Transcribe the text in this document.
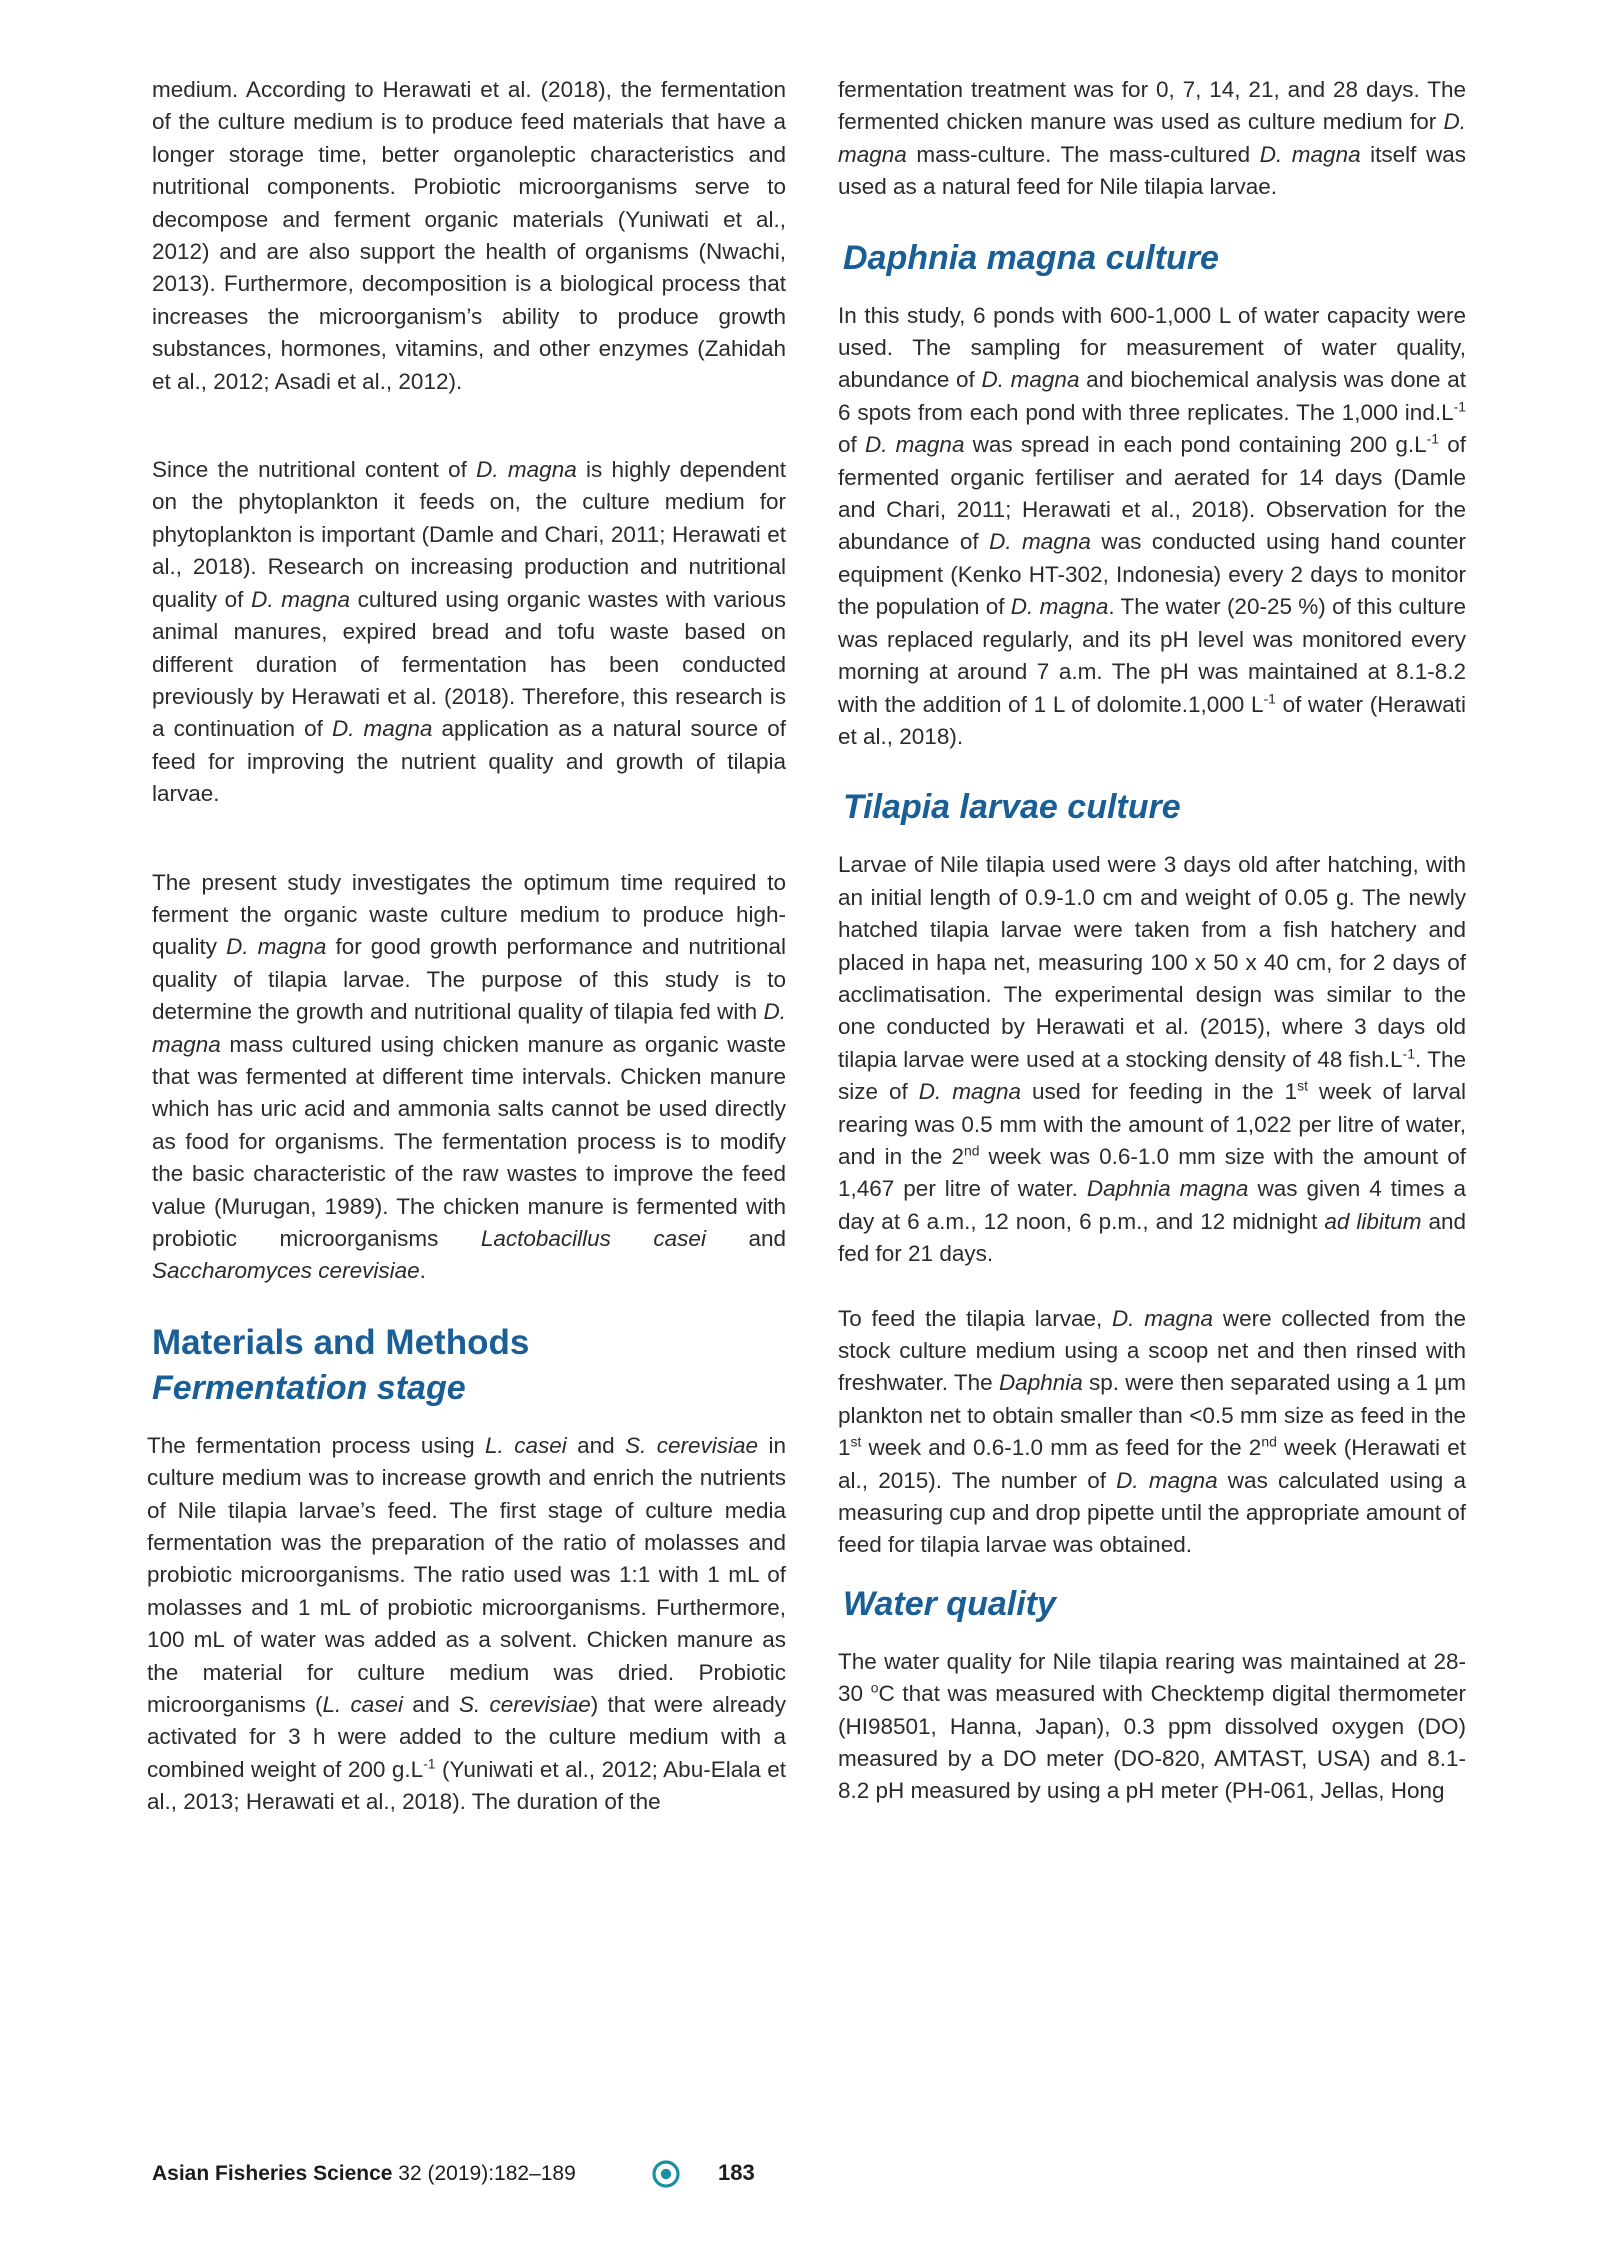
medium. According to Herawati et al. (2018), the fermentation of the culture medium is to produce feed materials that have a longer storage time, better organoleptic characteristics and nutritional components. Probiotic microorganisms serve to decompose and ferment organic materials (Yuniwati et al., 2012) and are also support the health of organisms (Nwachi, 2013). Furthermore, decomposition is a biological process that increases the microorganism’s ability to produce growth substances, hormones, vitamins, and other enzymes (Zahidah et al., 2012; Asadi et al., 2012).

Since the nutritional content of D. magna is highly dependent on the phytoplankton it feeds on, the culture medium for phytoplankton is important (Damle and Chari, 2011; Herawati et al., 2018). Research on increasing production and nutritional quality of D. magna cultured using organic wastes with various animal manures, expired bread and tofu waste based on different duration of fermentation has been conducted previously by Herawati et al. (2018). Therefore, this research is a continuation of D. magna application as a natural source of feed for improving the nutrient quality and growth of tilapia larvae.

The present study investigates the optimum time required to ferment the organic waste culture medium to produce high-quality D. magna for good growth performance and nutritional quality of tilapia larvae. The purpose of this study is to determine the growth and nutritional quality of tilapia fed with D. magna mass cultured using chicken manure as organic waste that was fermented at different time intervals. Chicken manure which has uric acid and ammonia salts cannot be used directly as food for organisms. The fermentation process is to modify the basic characteristic of the raw wastes to improve the feed value (Murugan, 1989). The chicken manure is fermented with probiotic microorganisms Lactobacillus casei and Saccharomyces cerevisiae.

Materials and Methods
Fermentation stage

The fermentation process using L. casei and S. cerevisiae in culture medium was to increase growth and enrich the nutrients of Nile tilapia larvae’s feed. The first stage of culture media fermentation was the preparation of the ratio of molasses and probiotic microorganisms. The ratio used was 1:1 with 1 mL of molasses and 1 mL of probiotic microorganisms. Furthermore, 100 mL of water was added as a solvent. Chicken manure as the material for culture medium was dried. Probiotic microorganisms (L. casei and S. cerevisiae) that were already activated for 3 h were added to the culture medium with a combined weight of 200 $g.L^{-1}$ (Yuniwati et al., 2012; Abu-Elala et al., 2013; Herawati et al., 2018). The duration of the

fermentation treatment was for 0, 7, 14, 21, and 28 days. The fermented chicken manure was used as culture medium for D. magna mass-culture. The mass-cultured D. magna itself was used as a natural feed for Nile tilapia larvae.

Daphnia magna culture

In this study, 6 ponds with 600-1,000 L of water capacity were used. The sampling for measurement of water quality, abundance of D. magna and biochemical analysis was done at 6 spots from each pond with three replicates. The 1,000 $ind.L^{-1}$ of D. magna was spread in each pond containing 200 $g.L^{-1}$ of fermented organic fertiliser and aerated for 14 days (Damle and Chari, 2011; Herawati et al., 2018). Observation for the abundance of D. magna was conducted using hand counter equipment (Kenko HT-302, Indonesia) every 2 days to monitor the population of D. magna. The water (20-25 %) of this culture was replaced regularly, and its pH level was monitored every morning at around 7 a.m. The pH was maintained at 8.1-8.2 with the addition of 1 L of dolomite.1,000 $L^{-1}$ of water (Herawati et al., 2018).

Tilapia larvae culture

Larvae of Nile tilapia used were 3 days old after hatching, with an initial length of 0.9-1.0 cm and weight of 0.05 g. The newly hatched tilapia larvae were taken from a fish hatchery and placed in hapa net, measuring 100 x 50 x 40 cm, for 2 days of acclimatisation. The experimental design was similar to the one conducted by Herawati et al. (2015), where 3 days old tilapia larvae were used at a stocking density of 48 $fish.L^{-1}$. The size of D. magna used for feeding in the 1st week of larval rearing was 0.5 mm with the amount of 1,022 per litre of water, and in the 2nd week was 0.6-1.0 mm size with the amount of 1,467 per litre of water. Daphnia magna was given 4 times a day at 6 a.m., 12 noon, 6 p.m., and 12 midnight ad libitum and fed for 21 days.

To feed the tilapia larvae, D. magna were collected from the stock culture medium using a scoop net and then rinsed with freshwater. The Daphnia sp. were then separated using a 1 µm plankton net to obtain smaller than <0.5 mm size as feed in the 1st week and 0.6-1.0 mm as feed for the 2nd week (Herawati et al., 2015). The number of D. magna was calculated using a measuring cup and drop pipette until the appropriate amount of feed for tilapia larvae was obtained.

Water quality

The water quality for Nile tilapia rearing was maintained at 28-30 $^o$C that was measured with Checktemp digital thermometer (HI98501, Hanna, Japan), 0.3 ppm dissolved oxygen (DO) measured by a DO meter (DO-820, AMTAST, USA) and 8.1-8.2 pH measured by using a pH meter (PH-061, Jellas, Hong

Asian Fisheries Science 32 (2019):182–189	183
